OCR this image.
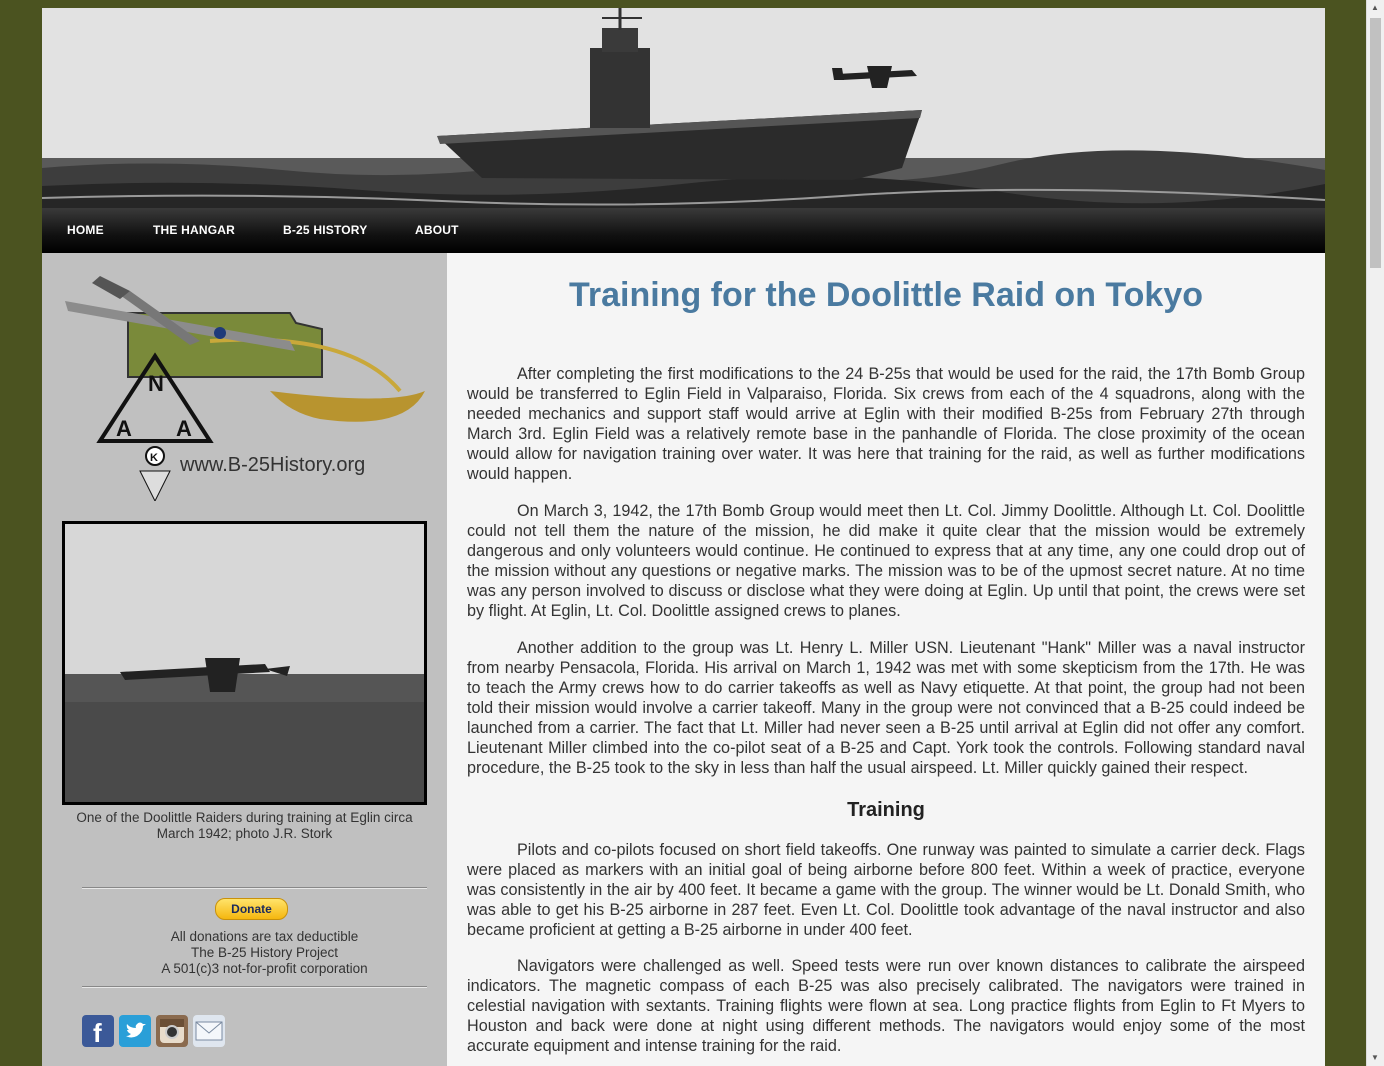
HOME	THE HANGAR	B-25 HISTORY	ABOUT
N
A A
K www.B-25History.org
One of the Doolittle Raiders during training at Eglin circa March 1942; photo J.R. Stork
Donate
All donations are tax deductible
The B-25 History Project
A 501(c)3 not-for-profit corporation
f
Training for the Doolittle Raid on Tokyo

After completing the first modifications to the 24 B-25s that would be used for the raid, the 17th Bomb Group would be transferred to Eglin Field in Valparaiso, Florida. Six crews from each of the 4 squadrons, along with the needed mechanics and support staff would arrive at Eglin with their modified B-25s from February 27th through March 3rd. Eglin Field was a relatively remote base in the panhandle of Florida. The close proximity of the ocean would allow for navigation training over water. It was here that training for the raid, as well as further modifications would happen.

On March 3, 1942, the 17th Bomb Group would meet then Lt. Col. Jimmy Doolittle. Although Lt. Col. Doolittle could not tell them the nature of the mission, he did make it quite clear that the mission would be extremely dangerous and only volunteers would continue. He continued to express that at any time, any one could drop out of the mission without any questions or negative marks. The mission was to be of the upmost secret nature. At no time was any person involved to discuss or disclose what they were doing at Eglin. Up until that point, the crews were set by flight. At Eglin, Lt. Col. Doolittle assigned crews to planes.

Another addition to the group was Lt. Henry L. Miller USN. Lieutenant "Hank" Miller was a naval instructor from nearby Pensacola, Florida. His arrival on March 1, 1942 was met with some skepticism from the 17th. He was to teach the Army crews how to do carrier takeoffs as well as Navy etiquette. At that point, the group had not been told their mission would involve a carrier takeoff. Many in the group were not convinced that a B-25 could indeed be launched from a carrier. The fact that Lt. Miller had never seen a B-25 until arrival at Eglin did not offer any comfort. Lieutenant Miller climbed into the co-pilot seat of a B-25 and Capt. York took the controls. Following standard naval procedure, the B-25 took to the sky in less than half the usual airspeed. Lt. Miller quickly gained their respect.

Training

Pilots and co-pilots focused on short field takeoffs. One runway was painted to simulate a carrier deck. Flags were placed as markers with an initial goal of being airborne before 800 feet. Within a week of practice, everyone was consistently in the air by 400 feet. It became a game with the group. The winner would be Lt. Donald Smith, who was able to get his B-25 airborne in 287 feet. Even Lt. Col. Doolittle took advantage of the naval instructor and also became proficient at getting a B-25 airborne in under 400 feet.

Navigators were challenged as well. Speed tests were run over known distances to calibrate the airspeed indicators. The magnetic compass of each B-25 was also precisely calibrated. The navigators were trained in celestial navigation with sextants. Training flights were flown at sea. Long practice flights from Eglin to Ft Myers to Houston and back were done at night using different methods. The navigators would enjoy some of the most accurate equipment and intense training for the raid.

▲
▼
